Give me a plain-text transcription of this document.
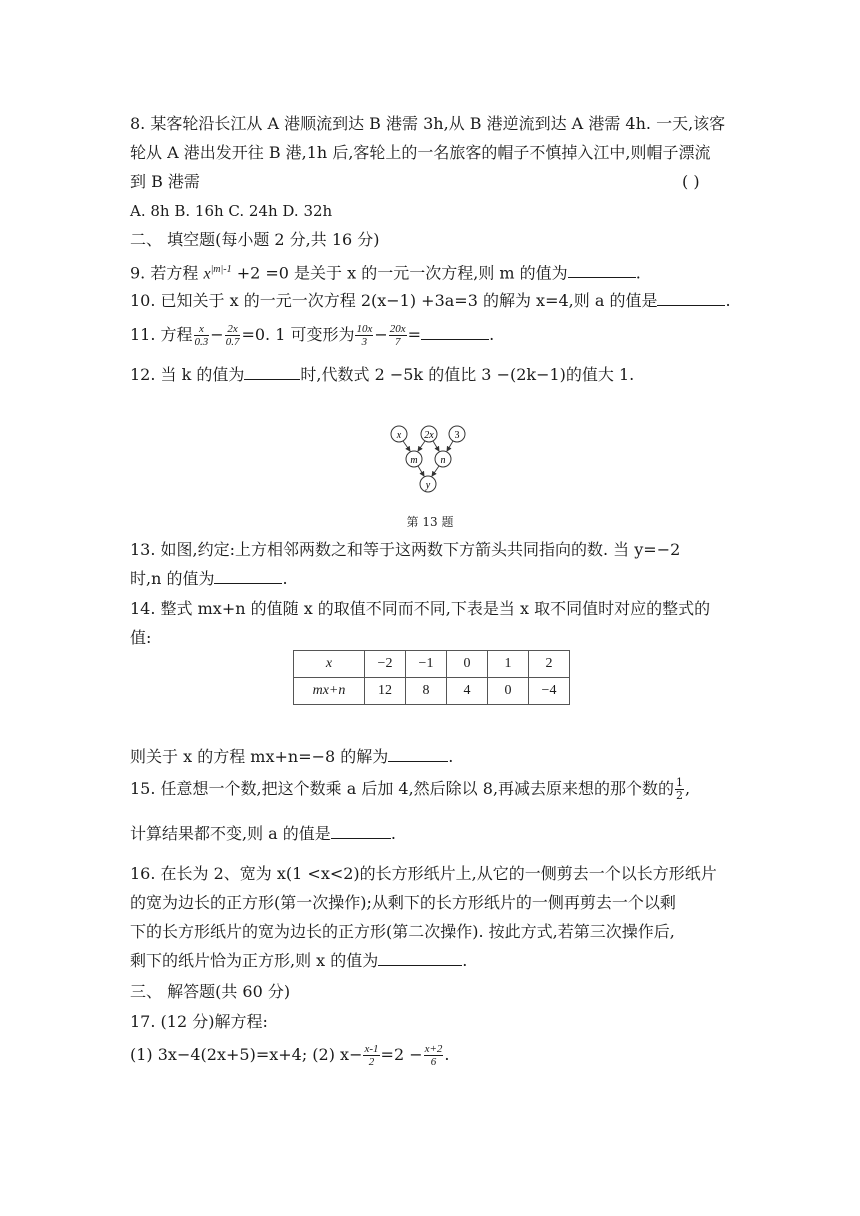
8. 某客轮沿长江从 A 港顺流到达 B 港需 3h,从 B 港逆流到达 A 港需 4h. 一天,该客
轮从 A 港出发开往 B 港,1h 后,客轮上的一名旅客的帽子不慎掉入江中,则帽子漂流
到 B 港需	( )
A. 8h B. 16h C. 24h D. 32h
二、 填空题(每小题 2 分,共 16 分)
9. 若方程 $x^{|m|-1} +2 =0$ 是关于 x 的一元一次方程,则 m 的值为	.
10. 已知关于 x 的一元一次方程 2(x−1) +3a=3 的解为 x=4,则 a 的值是	.
11. 方程 $\frac{x}{0.3} - \frac{2x}{0.7} =0$. 1 可变形为 $\frac{10x}{3} - \frac{20x}{7}$ =	.
12. 当 k 的值为	时,代数式 2 −5k 的值比 3 −(2k−1)的值大 1.
x 2x 3
m n
y
第 13 题
13. 如图,约定:上方相邻两数之和等于这两数下方箭头共同指向的数. 当 y=−2
时,n 的值为	.
14. 整式 mx+n 的值随 x 的取值不同而不同,下表是当 x 取不同值时对应的整式的
值:
x	−2	−1	0	1	2
mx+n	12	8	4	0	−4
则关于 x 的方程 mx+n=−8 的解为	.
15. 任意想一个数,把这个数乘 a 后加 4,然后除以 8,再减去原来想的那个数的 $\frac{1}{2}$ ,
计算结果都不变,则 a 的值是	.
16. 在长为 2、宽为 x(1 <x<2)的长方形纸片上,从它的一侧剪去一个以长方形纸片
的宽为边长的正方形(第一次操作);从剩下的长方形纸片的一侧再剪去一个以剩
下的长方形纸片的宽为边长的正方形(第二次操作). 按此方式,若第三次操作后,
剩下的纸片恰为正方形,则 x 的值为	.
三、 解答题(共 60 分)
17. (12 分)解方程:
(1) 3x−4(2x+5)=x+4; (2) $x- \frac{x-1}{2} =2 - \frac{x+2}{6}$ .
